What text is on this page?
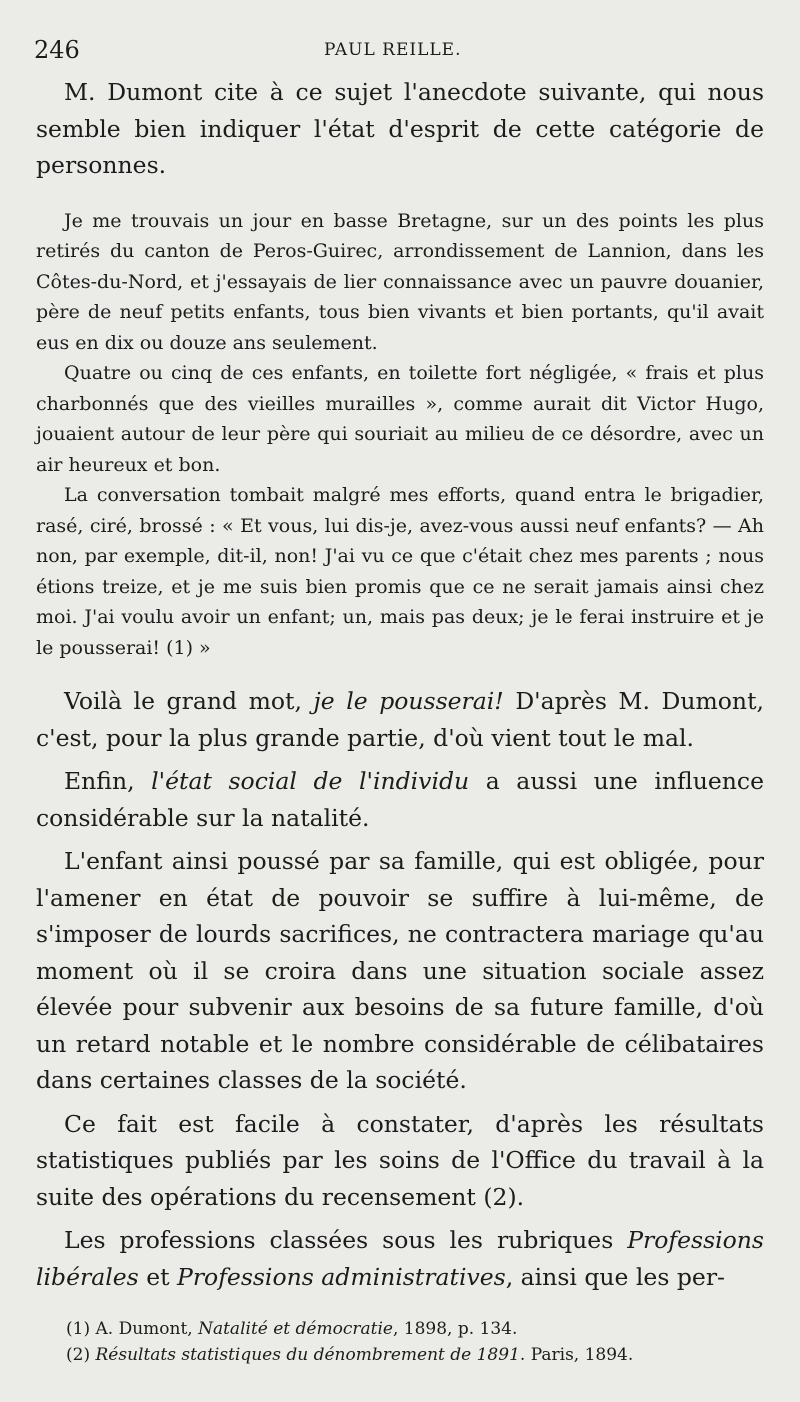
246	PAUL REILLE.

M. Dumont cite à ce sujet l'anecdote suivante, qui nous semble bien indiquer l'état d'esprit de cette catégorie de personnes.

Je me trouvais un jour en basse Bretagne, sur un des points les plus retirés du canton de Peros-Guirec, arrondissement de Lannion, dans les Côtes-du-Nord, et j'essayais de lier connaissance avec un pauvre douanier, père de neuf petits enfants, tous bien vivants et bien portants, qu'il avait eus en dix ou douze ans seulement.

Quatre ou cinq de ces enfants, en toilette fort négligée, « frais et plus charbonnés que des vieilles murailles », comme aurait dit Victor Hugo, jouaient autour de leur père qui souriait au milieu de ce désordre, avec un air heureux et bon.

La conversation tombait malgré mes efforts, quand entra le brigadier, rasé, ciré, brossé : « Et vous, lui dis-je, avez-vous aussi neuf enfants? — Ah non, par exemple, dit-il, non! J'ai vu ce que c'était chez mes parents ; nous étions treize, et je me suis bien promis que ce ne serait jamais ainsi chez moi. J'ai voulu avoir un enfant; un, mais pas deux; je le ferai instruire et je le pousserai! (1) »

Voilà le grand mot, je le pousserai! D'après M. Dumont, c'est, pour la plus grande partie, d'où vient tout le mal.

Enfin, l'état social de l'individu a aussi une influence considérable sur la natalité.

L'enfant ainsi poussé par sa famille, qui est obligée, pour l'amener en état de pouvoir se suffire à lui-même, de s'imposer de lourds sacrifices, ne contractera mariage qu'au moment où il se croira dans une situation sociale assez élevée pour subvenir aux besoins de sa future famille, d'où un retard notable et le nombre considérable de célibataires dans certaines classes de la société.

Ce fait est facile à constater, d'après les résultats statistiques publiés par les soins de l'Office du travail à la suite des opérations du recensement (2).

Les professions classées sous les rubriques Professions libérales et Professions administratives, ainsi que les per-

(1) A. Dumont, Natalité et démocratie, 1898, p. 134.
(2) Résultats statistiques du dénombrement de 1891. Paris, 1894.
